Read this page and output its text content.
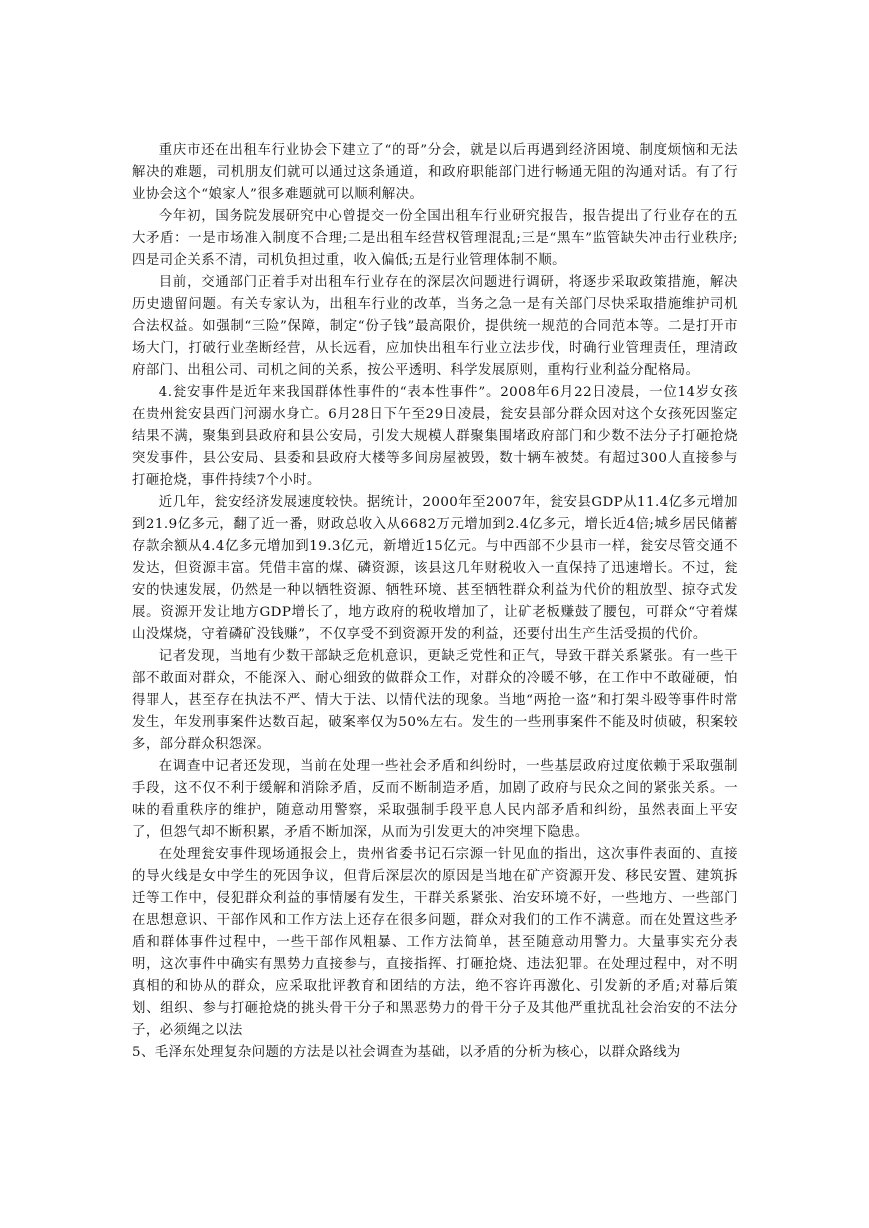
重庆市还在出租车行业协会下建立了“的哥”分会，就是以后再遇到经济困境、制度烦恼和无法解决的难题，司机朋友们就可以通过这条通道，和政府职能部门进行畅通无阻的沟通对话。有了行业协会这个“娘家人”很多难题就可以顺利解决。

今年初，国务院发展研究中心曾提交一份全国出租车行业研究报告，报告提出了行业存在的五大矛盾：一是市场准入制度不合理;二是出租车经营权管理混乱;三是“黑车”监管缺失冲击行业秩序;四是司企关系不清，司机负担过重，收入偏低;五是行业管理体制不顺。

目前，交通部门正着手对出租车行业存在的深层次问题进行调研，将逐步采取政策措施，解决历史遗留问题。有关专家认为，出租车行业的改革，当务之急一是有关部门尽快采取措施维护司机合法权益。如强制“三险”保障，制定“份子钱”最高限价，提供统一规范的合同范本等。二是打开市场大门，打破行业垄断经营，从长远看，应加快出租车行业立法步伐，时确行业管理责任，理清政府部门、出租公司、司机之间的关系，按公平透明、科学发展原则，重构行业利益分配格局。

4.瓮安事件是近年来我国群体性事件的“表本性事件”。2008年6月22日凌晨，一位14岁女孩在贵州瓮安县西门河溺水身亡。6月28日下午至29日凌晨，瓮安县部分群众因对这个女孩死因鉴定结果不满，聚集到县政府和县公安局，引发大规模人群聚集围堵政府部门和少数不法分子打砸抢烧突发事件，县公安局、县委和县政府大楼等多间房屋被毁，数十辆车被焚。有超过300人直接参与打砸抢烧，事件持续7个小时。

近几年，瓮安经济发展速度较快。据统计，2000年至2007年，瓮安县GDP从11.4亿多元增加到21.9亿多元，翻了近一番，财政总收入从6682万元增加到2.4亿多元，增长近4倍;城乡居民储蓄存款余额从4.4亿多元增加到19.3亿元，新增近15亿元。与中西部不少县市一样，瓮安尽管交通不发达，但资源丰富。凭借丰富的煤、磷资源，该县这几年财税收入一直保持了迅速增长。不过，瓮安的快速发展，仍然是一种以牺牲资源、牺牲环境、甚至牺牲群众利益为代价的粗放型、掠夺式发展。资源开发让地方GDP增长了，地方政府的税收增加了，让矿老板赚鼓了腰包，可群众“守着煤山没煤烧，守着磷矿没钱赚”，不仅享受不到资源开发的利益，还要付出生产生活受损的代价。

记者发现，当地有少数干部缺乏危机意识，更缺乏党性和正气，导致干群关系紧张。有一些干部不敢面对群众，不能深入、耐心细致的做群众工作，对群众的冷暖不够，在工作中不敢碰硬，怕得罪人，甚至存在执法不严、情大于法、以情代法的现象。当地“两抢一盗”和打架斗殴等事件时常发生，年发刑事案件达数百起，破案率仅为50%左右。发生的一些刑事案件不能及时侦破，积案较多，部分群众积怨深。

在调查中记者还发现，当前在处理一些社会矛盾和纠纷时，一些基层政府过度依赖于采取强制手段，这不仅不利于缓解和消除矛盾，反而不断制造矛盾，加剧了政府与民众之间的紧张关系。一味的看重秩序的维护，随意动用警察，采取强制手段平息人民内部矛盾和纠纷，虽然表面上平安了，但怨气却不断积累，矛盾不断加深，从而为引发更大的冲突埋下隐患。

在处理瓮安事件现场通报会上，贵州省委书记石宗源一针见血的指出，这次事件表面的、直接的导火线是女中学生的死因争议，但背后深层次的原因是当地在矿产资源开发、移民安置、建筑拆迁等工作中，侵犯群众利益的事情屡有发生，干群关系紧张、治安环境不好，一些地方、一些部门在思想意识、干部作风和工作方法上还存在很多问题，群众对我们的工作不满意。而在处置这些矛盾和群体事件过程中，一些干部作风粗暴、工作方法简单，甚至随意动用警力。大量事实充分表明，这次事件中确实有黑势力直接参与，直接指挥、打砸抢烧、违法犯罪。在处理过程中，对不明真相的和协从的群众，应采取批评教育和团结的方法，绝不容许再激化、引发新的矛盾;对幕后策划、组织、参与打砸抢烧的挑头骨干分子和黑恶势力的骨干分子及其他严重扰乱社会治安的不法分子，必须绳之以法

5、毛泽东处理复杂问题的方法是以社会调查为基础，以矛盾的分析为核心，以群众路线为
